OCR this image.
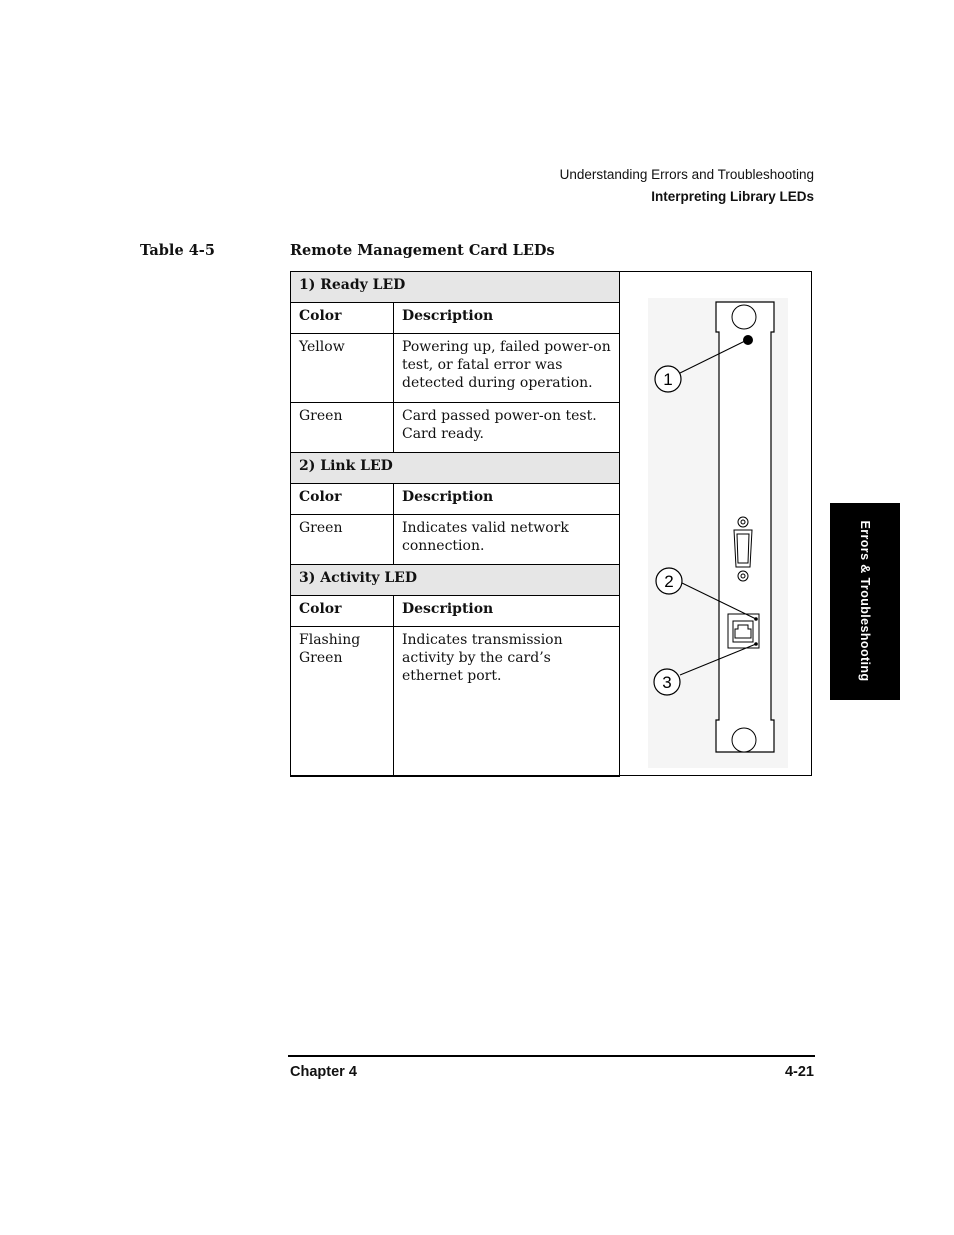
Understanding Errors and Troubleshooting
Interpreting Library LEDs
Table 4-5	Remote Management Card LEDs
1) Ready LED	
Color	Description
Yellow	Powering up, failed power-on test, or fatal error was detected during operation.
Green	Card passed power-on test. Card ready.
2) Link LED	
Color	Description
Green	Indicates valid network connection.
3) Activity LED	
Color	Description
Flashing Green	Indicates transmission activity by the card’s ethernet port.
1
2
3
Errors & Troubleshooting
Chapter 4	4-21
